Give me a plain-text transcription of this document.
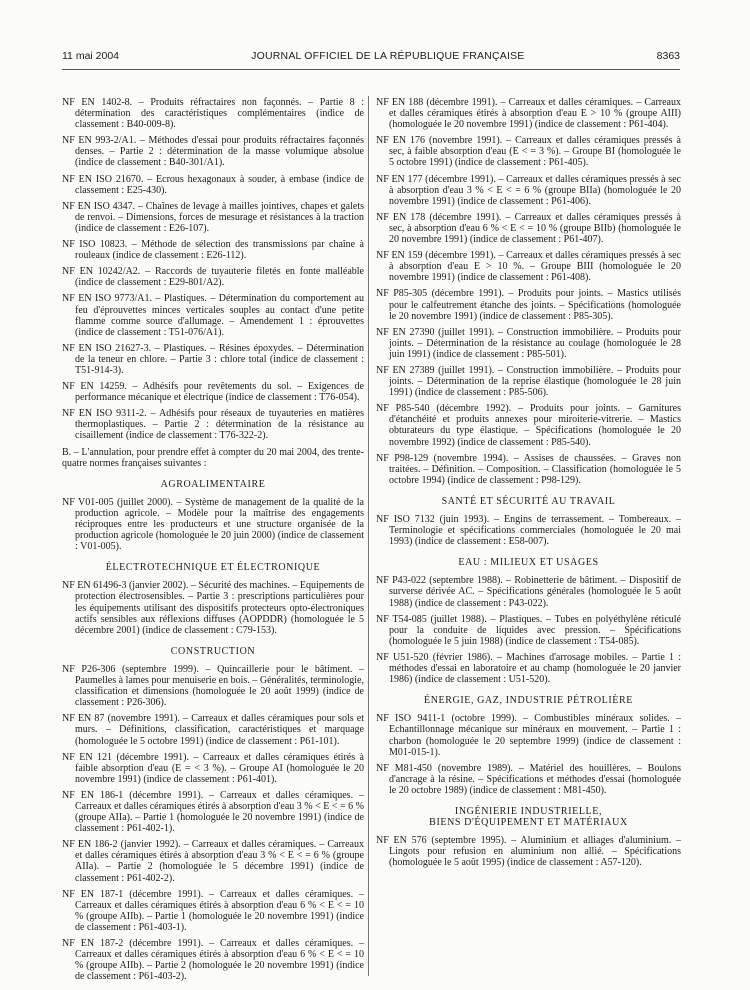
11 mai 2004	JOURNAL OFFICIEL DE LA RÉPUBLIQUE FRANÇAISE	8363

NF EN 1402-8. – Produits réfractaires non façonnés. – Partie 8 : détermination des caractéristiques complémentaires (indice de classement : B40-009-8).

NF EN 993-2/A1. – Méthodes d'essai pour produits réfractaires façonnés denses. – Partie 2 : détermination de la masse volumique absolue (indice de classement : B40-301/A1).

NF EN ISO 21670. – Ecrous hexagonaux à souder, à embase (indice de classement : E25-430).

NF EN ISO 4347. – Chaînes de levage à mailles jointives, chapes et galets de renvoi. – Dimensions, forces de mesurage et résistances à la traction (indice de classement : E26-107).

NF ISO 10823. – Méthode de sélection des transmissions par chaîne à rouleaux (indice de classement : E26-112).

NF EN 10242/A2. – Raccords de tuyauterie filetés en fonte malléable (indice de classement : E29-801/A2).

NF EN ISO 9773/A1. – Plastiques. – Détermination du comportement au feu d'éprouvettes minces verticales souples au contact d'une petite flamme comme source d'allumage. – Amendement 1 : éprouvettes (indice de classement : T51-076/A1).

NF EN ISO 21627-3. – Plastiques. – Résines époxydes. – Détermination de la teneur en chlore. – Partie 3 : chlore total (indice de classement : T51-914-3).

NF EN 14259. – Adhésifs pour revêtements du sol. – Exigences de performance mécanique et électrique (indice de classement : T76-054).

NF EN ISO 9311-2. – Adhésifs pour réseaux de tuyauteries en matières thermoplastiques. – Partie 2 : détermination de la résistance au cisaillement (indice de classement : T76-322-2).

B. – L'annulation, pour prendre effet à compter du 20 mai 2004, des trente-quatre normes françaises suivantes :

AGROALIMENTAIRE

NF V01-005 (juillet 2000). – Système de management de la qualité de la production agricole. – Modèle pour la maîtrise des engagements réciproques entre les producteurs et une structure organisée de la production agricole (homologuée le 20 juin 2000) (indice de classement : V01-005).

ÉLECTROTECHNIQUE ET ÉLECTRONIQUE

NF EN 61496-3 (janvier 2002). – Sécurité des machines. – Equipements de protection électrosensibles. – Partie 3 : prescriptions particulières pour les équipements utilisant des dispositifs protecteurs opto-électroniques actifs sensibles aux réflexions diffuses (AOPDDR) (homologuée le 5 décembre 2001) (indice de classement : C79-153).

CONSTRUCTION

NF P26-306 (septembre 1999). – Quincaillerie pour le bâtiment. – Paumelles à lames pour menuiserie en bois. – Généralités, terminologie, classification et dimensions (homologuée le 20 août 1999) (indice de classement : P26-306).

NF EN 87 (novembre 1991). – Carreaux et dalles céramiques pour sols et murs. – Définitions, classification, caractéristiques et marquage (homologuée le 5 octobre 1991) (indice de classement : P61-101).

NF EN 121 (décembre 1991). – Carreaux et dalles céramiques étirés à faible absorption d'eau (E = < 3 %). – Groupe AI (homologuée le 20 novembre 1991) (indice de classement : P61-401).

NF EN 186-1 (décembre 1991). – Carreaux et dalles céramiques. – Carreaux et dalles céramiques étirés à absorption d'eau 3 % < E < = 6 % (groupe AIIa). – Partie 1 (homologuée le 20 novembre 1991) (indice de classement : P61-402-1).

NF EN 186-2 (janvier 1992). – Carreaux et dalles céramiques. – Carreaux et dalles céramiques étirés à absorption d'eau 3 % < E < = 6 % (groupe AIIa). – Partie 2 (homologuée le 5 décembre 1991) (indice de classement : P61-402-2).

NF EN 187-1 (décembre 1991). – Carreaux et dalles céramiques. – Carreaux et dalles céramiques étirés à absorption d'eau 6 % < E < = 10 % (groupe AIIb). – Partie 1 (homologuée le 20 novembre 1991) (indice de classement : P61-403-1).

NF EN 187-2 (décembre 1991). – Carreaux et dalles céramiques. – Carreaux et dalles céramiques étirés à absorption d'eau 6 % < E < = 10 % (groupe AIIb). – Partie 2 (homologuée le 20 novembre 1991) (indice de classement : P61-403-2).

NF EN 188 (décembre 1991). – Carreaux et dalles céramiques. – Carreaux et dalles céramiques étirés à absorption d'eau E > 10 % (groupe AIII) (homologuée le 20 novembre 1991) (indice de classement : P61-404).

NF EN 176 (novembre 1991). – Carreaux et dalles céramiques pressés à sec, à faible absorption d'eau (E < = 3 %). – Groupe BI (homologuée le 5 octobre 1991) (indice de classement : P61-405).

NF EN 177 (décembre 1991). – Carreaux et dalles céramiques pressés à sec à absorption d'eau 3 % < E < = 6 % (groupe BIIa) (homologuée le 20 novembre 1991) (indice de classement : P61-406).

NF EN 178 (décembre 1991). – Carreaux et dalles céramiques pressés à sec, à absorption d'eau 6 % < E < = 10 % (groupe BIIb) (homologuée le 20 novembre 1991) (indice de classement : P61-407).

NF EN 159 (décembre 1991). – Carreaux et dalles céramiques pressés à sec à absorption d'eau E > 10 %. – Groupe BIII (homologuée le 20 novembre 1991) (indice de classement : P61-408).

NF P85-305 (décembre 1991). – Produits pour joints. – Mastics utilisés pour le calfeutrement étanche des joints. – Spécifications (homologuée le 20 novembre 1991) (indice de classement : P85-305).

NF EN 27390 (juillet 1991). – Construction immobilière. – Produits pour joints. – Détermination de la résistance au coulage (homologuée le 28 juin 1991) (indice de classement : P85-501).

NF EN 27389 (juillet 1991). – Construction immobilière. – Produits pour joints. – Détermination de la reprise élastique (homologuée le 28 juin 1991) (indice de classement : P85-506).

NF P85-540 (décembre 1992). – Produits pour joints. – Garnitures d'étanchéité et produits annexes pour miroiterie-vitrerie. – Mastics obturateurs du type élastique. – Spécifications (homologuée le 20 novembre 1992) (indice de classement : P85-540).

NF P98-129 (novembre 1994). – Assises de chaussées. – Graves non traitées. – Définition. – Composition. – Classification (homologuée le 5 octobre 1994) (indice de classement : P98-129).

SANTÉ ET SÉCURITÉ AU TRAVAIL

NF ISO 7132 (juin 1993). – Engins de terrassement. – Tombereaux. – Terminologie et spécifications commerciales (homologuée le 20 mai 1993) (indice de classement : E58-007).

EAU : MILIEUX ET USAGES

NF P43-022 (septembre 1988). – Robinetterie de bâtiment. – Dispositif de surverse dérivée AC. – Spécifications générales (homologuée le 5 août 1988) (indice de classement : P43-022).

NF T54-085 (juillet 1988). – Plastiques. – Tubes en polyéthylène réticulé pour la conduite de liquides avec pression. – Spécifications (homologuée le 5 juin 1988) (indice de classement : T54-085).

NF U51-520 (février 1986). – Machines d'arrosage mobiles. – Partie 1 : méthodes d'essai en laboratoire et au champ (homologuée le 20 janvier 1986) (indice de classement : U51-520).

ÉNERGIE, GAZ, INDUSTRIE PÉTROLIÈRE

NF ISO 9411-1 (octobre 1999). – Combustibles minéraux solides. – Echantillonnage mécanique sur minéraux en mouvement. – Partie 1 : charbon (homologuée le 20 septembre 1999) (indice de classement : M01-015-1).

NF M81-450 (novembre 1989). – Matériel des houillères. – Boulons d'ancrage à la résine. – Spécifications et méthodes d'essai (homologuée le 20 octobre 1989) (indice de classement : M81-450).

INGÉNIERIE INDUSTRIELLE,
BIENS D'ÉQUIPEMENT ET MATÉRIAUX

NF EN 576 (septembre 1995). – Aluminium et alliages d'aluminium. – Lingots pour refusion en aluminium non allié. – Spécifications (homologuée le 5 août 1995) (indice de classement : A57-120).
